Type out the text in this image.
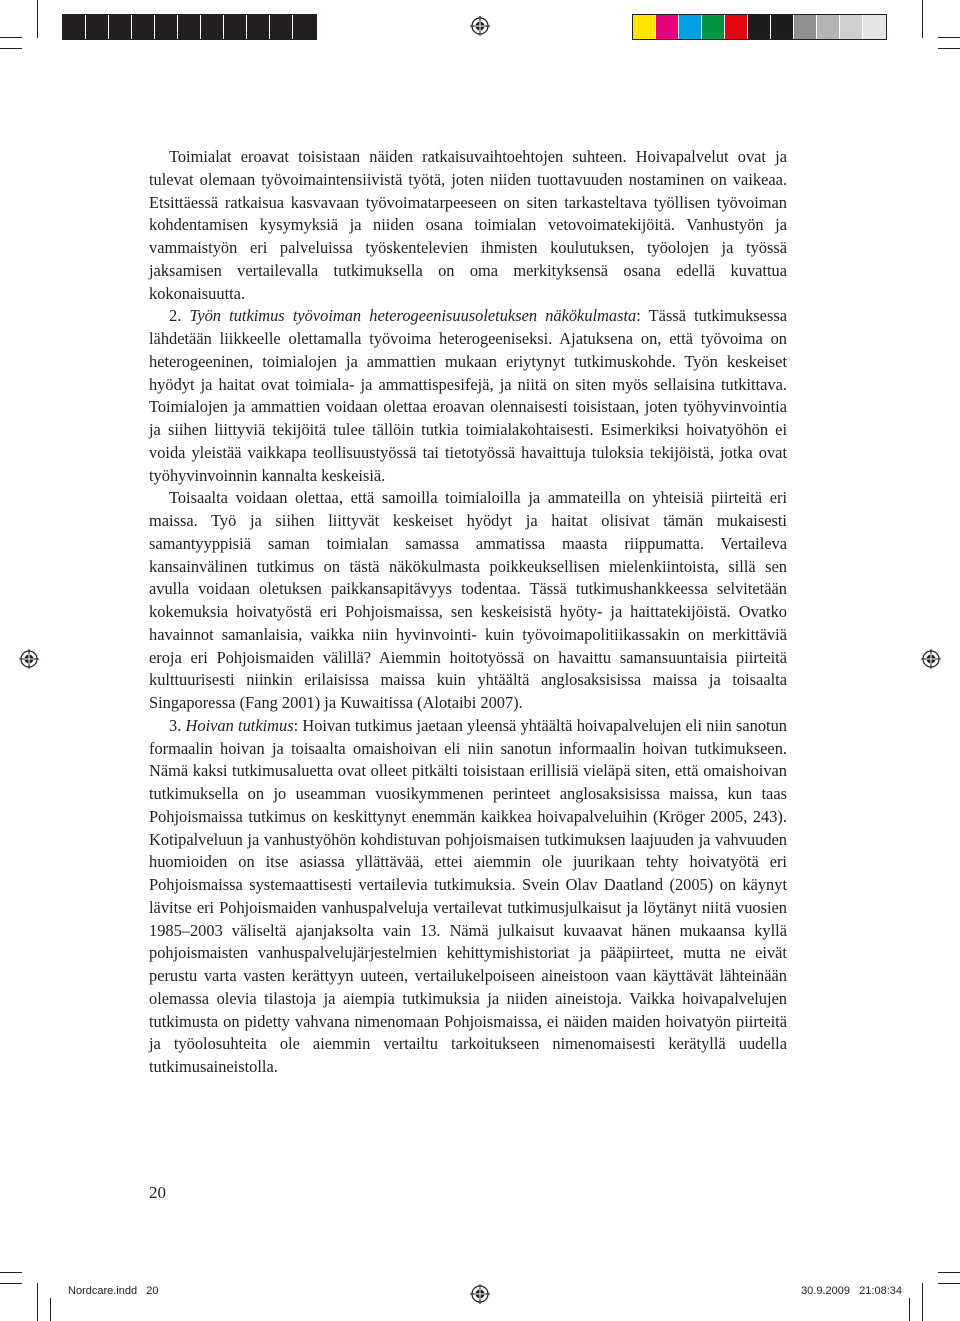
Toimialat eroavat toisistaan näiden ratkaisuvaihtoehtojen suhteen. Hoivapalvelut ovat ja tulevat olemaan työvoimaintensiivistä työtä, joten niiden tuottavuuden nostaminen on vaikeaa. Etsittäessä ratkaisua kasvavaan työvoimatarpeeseen on siten tarkasteltava työllisen työvoiman kohdentamisen kysymyksiä ja niiden osana toimialan vetovoimatekijöitä. Vanhustyön ja vammaistyön eri palveluissa työskentelevien ihmisten koulutuksen, työolojen ja työssä jaksamisen vertailevalla tutkimuksella on oma merkityksensä osana edellä kuvattua kokonaisuutta.

2. Työn tutkimus työvoiman heterogeenisuusoletuksen näkökulmasta: Tässä tutkimuksessa lähdetään liikkeelle olettamalla työvoima heterogeeniseksi. Ajatuksena on, että työvoima on heterogeeninen, toimialojen ja ammattien mukaan eriytynyt tutkimuskohde. Työn keskeiset hyödyt ja haitat ovat toimiala- ja ammattispesifejä, ja niitä on siten myös sellaisina tutkittava. Toimialojen ja ammattien voidaan olettaa eroavan olennaisesti toisistaan, joten työhyvinvointia ja siihen liittyviä tekijöitä tulee tällöin tutkia toimialakohtaisesti. Esimerkiksi hoivatyöhön ei voida yleistää vaikkapa teollisuustyössä tai tietotyössä havaittuja tuloksia tekijöistä, jotka ovat työhyvinvoinnin kannalta keskeisiä.

Toisaalta voidaan olettaa, että samoilla toimialoilla ja ammateilla on yhteisiä piirteitä eri maissa. Työ ja siihen liittyvät keskeiset hyödyt ja haitat olisivat tämän mukaisesti samantyyppisiä saman toimialan samassa ammatissa maasta riippumatta. Vertaileva kansainvälinen tutkimus on tästä näkökulmasta poikkeuksellisen mielenkiintoista, sillä sen avulla voidaan oletuksen paikkansapitävyys todentaa. Tässä tutkimushankkeessa selvitetään kokemuksia hoivatyöstä eri Pohjoismaissa, sen keskeisistä hyöty- ja haittatekijöistä. Ovatko havainnot samanlaisia, vaikka niin hyvinvointi- kuin työvoimapolitiikassakin on merkittäviä eroja eri Pohjoismaiden välillä? Aiemmin hoitotyössä on havaittu samansuuntaisia piirteitä kulttuurisesti niinkin erilaisissa maissa kuin yhtäältä anglosaksisissa maissa ja toisaalta Singaporessa (Fang 2001) ja Kuwaitissa (Alotaibi 2007).

3. Hoivan tutkimus: Hoivan tutkimus jaetaan yleensä yhtäältä hoivapalvelujen eli niin sanotun formaalin hoivan ja toisaalta omaishoivan eli niin sanotun informaalin hoivan tutkimukseen. Nämä kaksi tutkimusaluetta ovat olleet pitkälti toisistaan erillisiä vieläpä siten, että omaishoivan tutkimuksella on jo useamman vuosikymmenen perinteet anglosaksisissa maissa, kun taas Pohjoismaissa tutkimus on keskittynyt enemmän kaikkea hoivapalveluihin (Kröger 2005, 243). Kotipalveluun ja vanhustyöhön kohdistuvan pohjoismaisen tutkimuksen laajuuden ja vahvuuden huomioiden on itse asiassa yllättävää, ettei aiemmin ole juurikaan tehty hoivatyötä eri Pohjoismaissa systemaattisesti vertailevia tutkimuksia. Svein Olav Daatland (2005) on käynyt lävitse eri Pohjoismaiden vanhuspalveluja vertailevat tutkimusjulkaisut ja löytänyt niitä vuosien 1985–2003 väliseltä ajanjaksolta vain 13. Nämä julkaisut kuvaavat hänen mukaansa kyllä pohjoismaisten vanhuspalvelujärjestelmien kehittymishistoriat ja pääpiirteet, mutta ne eivät perustu varta vasten kerättyyn uuteen, vertailukelpoiseen aineistoon vaan käyttävät lähteinään olemassa olevia tilastoja ja aiempia tutkimuksia ja niiden aineistoja. Vaikka hoivapalvelujen tutkimusta on pidetty vahvana nimenomaan Pohjoismaissa, ei näiden maiden hoivatyön piirteitä ja työolosuhteita ole aiemmin vertailtu tarkoitukseen nimenomaisesti kerätyllä uudella tutkimusaineistolla.

20
Nordcare.indd   20	30.9.2009   21:08:34
